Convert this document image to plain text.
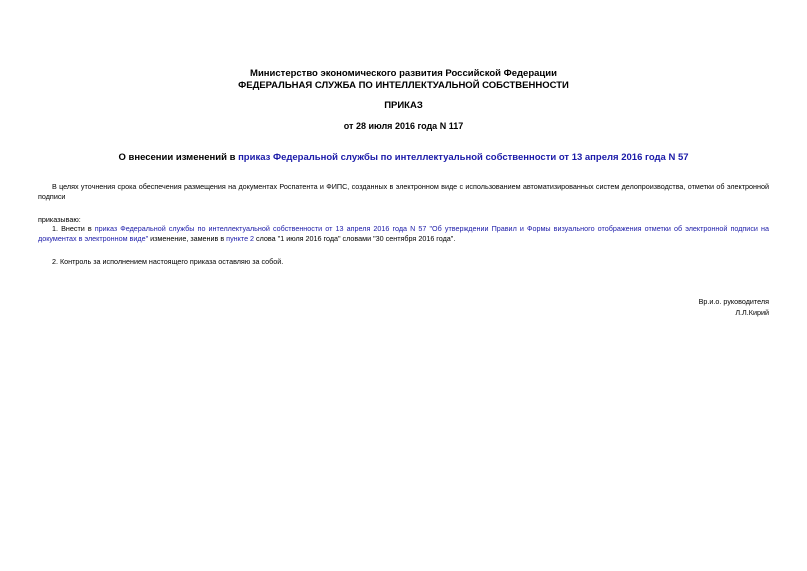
Министерство экономического развития Российской Федерации
ФЕДЕРАЛЬНАЯ СЛУЖБА ПО ИНТЕЛЛЕКТУАЛЬНОЙ СОБСТВЕННОСТИ
ПРИКАЗ
от 28 июля 2016 года N 117
О внесении изменений в приказ Федеральной службы по интеллектуальной собственности от 13 апреля 2016 года N 57
В целях уточнения срока обеспечения размещения на документах Роспатента и ФИПС, созданных в электронном виде с использованием автоматизированных систем делопроизводства, отметки об электронной подписи
приказываю:
1. Внести в приказ Федеральной службы по интеллектуальной собственности от 13 апреля 2016 года N 57 "Об утверждении Правил и Формы визуального отображения отметки об электронной подписи на документах в электронном виде" изменение, заменив в пункте 2 слова "1 июля 2016 года" словами "30 сентября 2016 года".
2. Контроль за исполнением настоящего приказа оставляю за собой.
Вр.и.о. руководителя
Л.Л.Кирий
